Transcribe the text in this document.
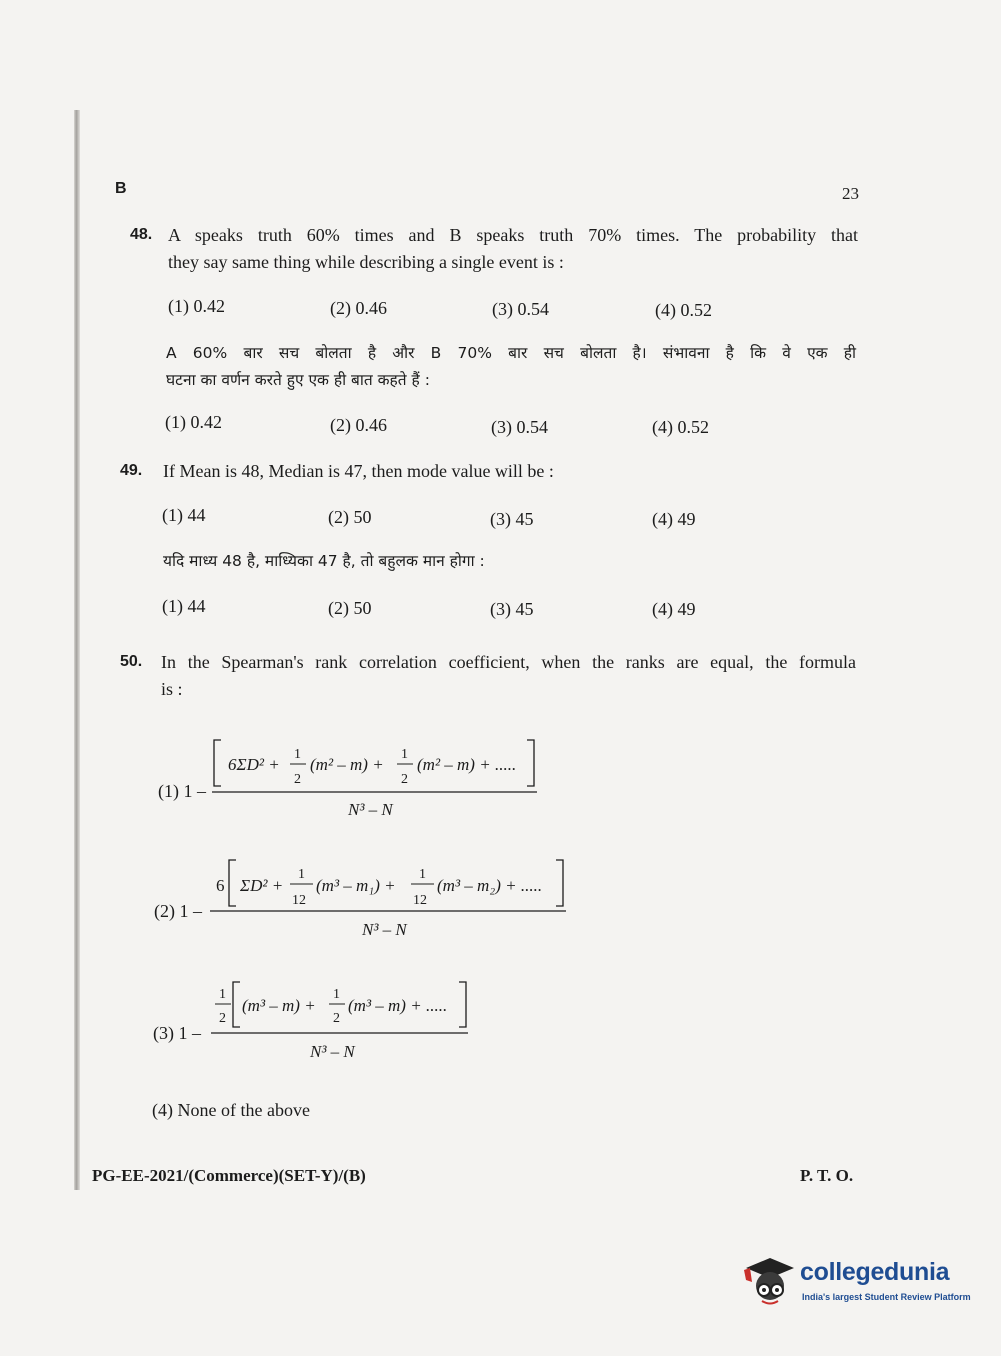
B	23
48. A speaks truth 60% times and B speaks truth 70% times. The probability that
they say same thing while describing a single event is :
(1) 0.42	(2) 0.46	(3) 0.54	(4) 0.52
A 60% बार सच बोलता है और B 70% बार सच बोलता है। संभावना है कि वे एक ही
घटना का वर्णन करते हुए एक ही बात कहते हैं :
(1) 0.42	(2) 0.46	(3) 0.54	(4) 0.52
49. If Mean is 48, Median is 47, then mode value will be :
(1) 44	(2) 50	(3) 45	(4) 49
यदि माध्य 48 है, माध्यिका 47 है, तो बहुलक मान होगा :
(1) 44	(2) 50	(3) 45	(4) 49
50. In the Spearman's rank correlation coefficient, when the ranks are equal, the formula
is :
(1) 1 –
6ΣD² +
1
2
(m² – m) +
1
2
(m² – m) + .....
N³ – N
(2) 1 –
6 ΣD² +
1
12
(m³ – m₁) +
1
12
(m³ – m₂) + .....
N³ – N
(3) 1 –
1
2
(m³ – m) +
1
2
(m³ – m) + .....
N³ – N
(4) None of the above
PG-EE-2021/(Commerce)(SET-Y)/(B)	P. T. O.
collegedunia
India's largest Student Review Platform
